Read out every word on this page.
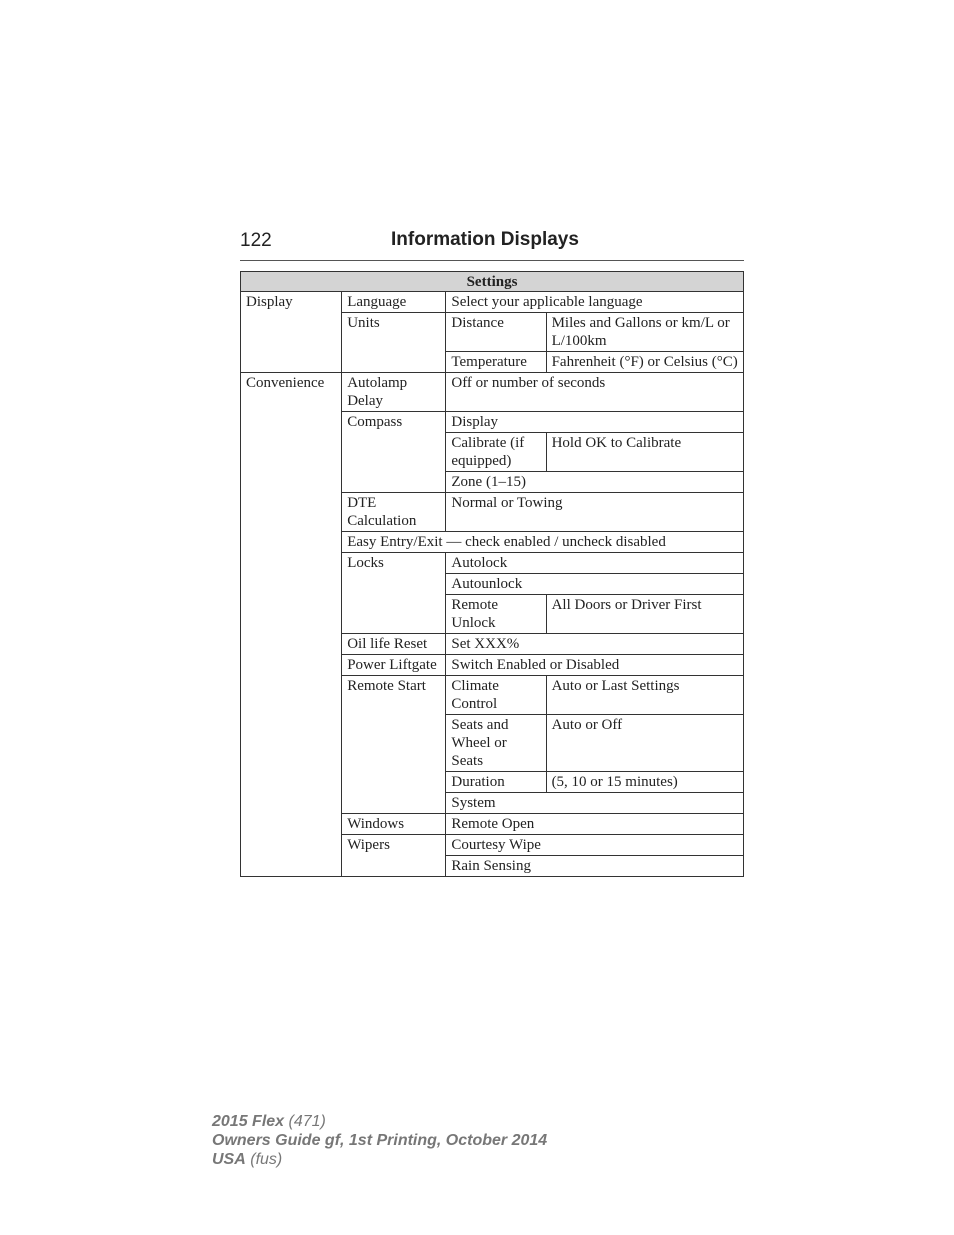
122	Information Displays
Settings			
Display	Language	Select your applicable language	
	Units	Distance	Miles and Gallons or km/L or L/100km
		Temperature	Fahrenheit (°F) or Celsius (°C)
Convenience	Autolamp Delay	Off or number of seconds	
	Compass	Display	
		Calibrate (if equipped)	Hold OK to Calibrate
		Zone (1–15)	
	DTE Calculation	Normal or Towing	
	Easy Entry/Exit — check enabled / uncheck disabled		
	Locks	Autolock	
		Autounlock	
		Remote Unlock	All Doors or Driver First
	Oil life Reset	Set XXX%	
	Power Liftgate	Switch Enabled or Disabled	
	Remote Start	Climate Control	Auto or Last Settings
		Seats and Wheel or Seats	Auto or Off
		Duration	(5, 10 or 15 minutes)
		System	
	Windows	Remote Open	
	Wipers	Courtesy Wipe	
		Rain Sensing	
2015 Flex (471)
Owners Guide gf, 1st Printing, October 2014
USA (fus)
